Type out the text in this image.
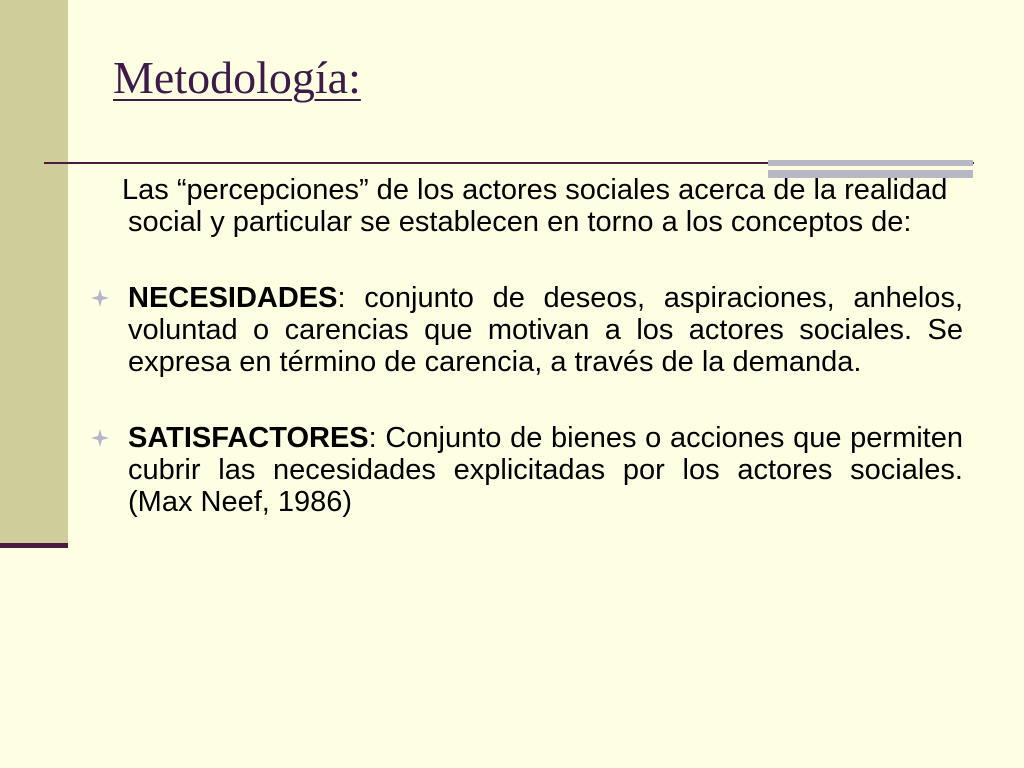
Metodología:

Las “percepciones” de los actores sociales acerca de la realidad social y particular se establecen en torno a los conceptos de:

NECESIDADES: conjunto de deseos, aspiraciones, anhelos, voluntad o carencias que motivan a los actores sociales. Se expresa en término de carencia, a través de la demanda.

SATISFACTORES: Conjunto de bienes o acciones que permiten cubrir las necesidades explicitadas por los actores sociales. (Max Neef, 1986)
